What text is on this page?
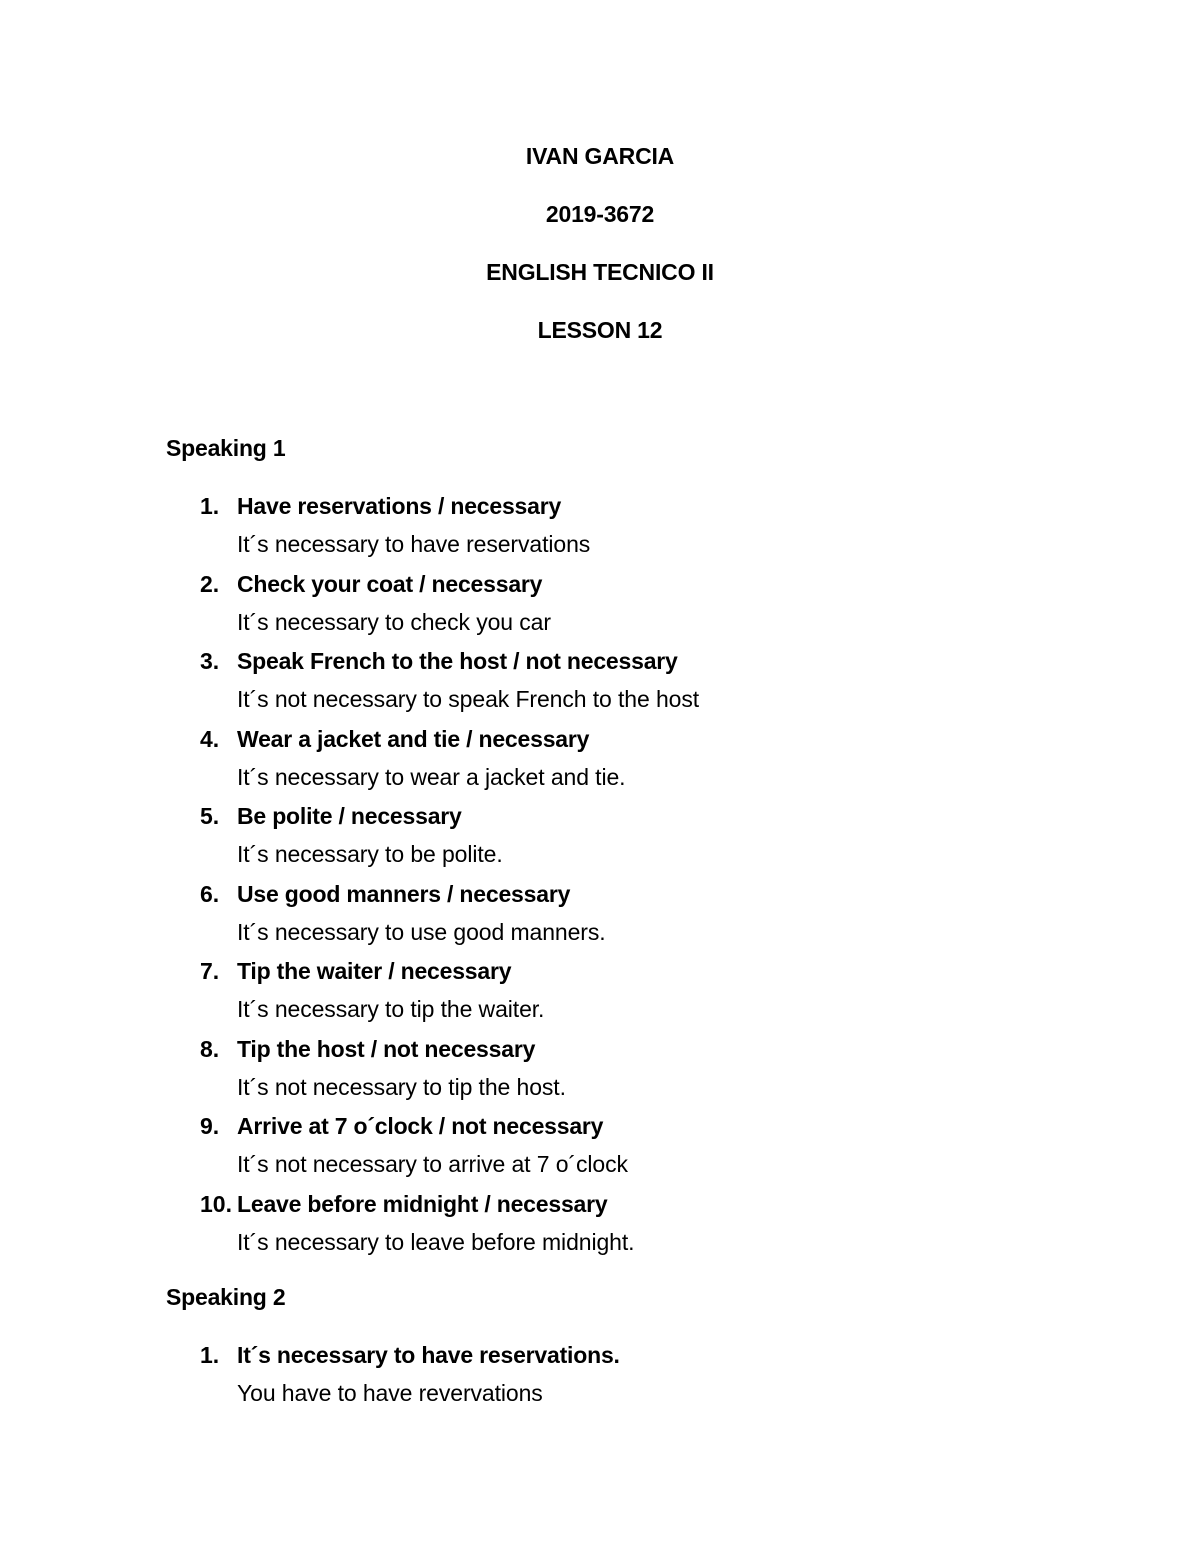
IVAN GARCIA
2019-3672
ENGLISH TECNICO II
LESSON 12
Speaking 1
1. Have reservations / necessary
It´s necessary to have reservations
2. Check your coat / necessary
It´s necessary to check you car
3. Speak French to the host / not necessary
It´s not necessary to speak French to the host
4. Wear a jacket and tie / necessary
It´s necessary to wear a jacket and tie.
5. Be polite / necessary
It´s necessary to be polite.
6. Use good manners / necessary
It´s necessary to use good manners.
7. Tip the waiter / necessary
It´s necessary to tip the waiter.
8. Tip the host / not necessary
It´s not necessary to tip the host.
9. Arrive at 7 o´clock / not necessary
It´s not necessary to arrive at 7 o´clock
10. Leave before midnight / necessary
It´s necessary to leave before midnight.
Speaking 2
1. It´s necessary to have reservations.
You have to have revervations
